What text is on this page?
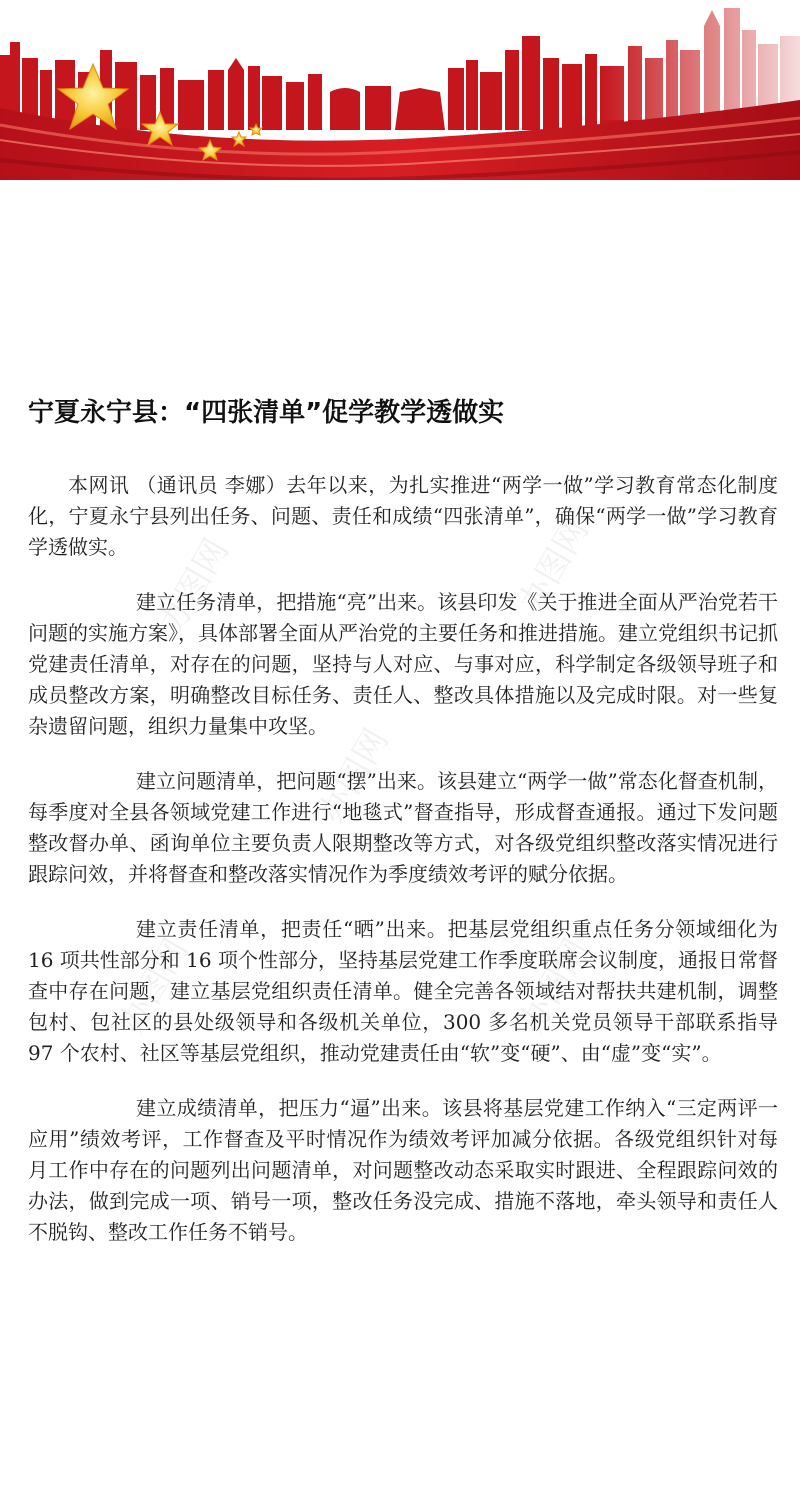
办图网	办图网
办图网
办图网	办图网
宁夏永宁县：“四张清单”促学教学透做实

本网讯 （通讯员 李娜）去年以来，为扎实推进“两学一做”学习教育常态化制度化，宁夏永宁县列出任务、问题、责任和成绩“四张清单”，确保“两学一做”学习教育学透做实。

建立任务清单，把措施“亮”出来。该县印发《关于推进全面从严治党若干问题的实施方案》，具体部署全面从严治党的主要任务和推进措施。建立党组织书记抓党建责任清单，对存在的问题，坚持与人对应、与事对应，科学制定各级领导班子和成员整改方案，明确整改目标任务、责任人、整改具体措施以及完成时限。对一些复杂遗留问题，组织力量集中攻坚。

建立问题清单，把问题“摆”出来。该县建立“两学一做”常态化督查机制，每季度对全县各领域党建工作进行“地毯式”督查指导，形成督查通报。通过下发问题整改督办单、函询单位主要负责人限期整改等方式，对各级党组织整改落实情况进行跟踪问效，并将督查和整改落实情况作为季度绩效考评的赋分依据。

建立责任清单，把责任“晒”出来。把基层党组织重点任务分领域细化为 16 项共性部分和 16 项个性部分，坚持基层党建工作季度联席会议制度，通报日常督查中存在问题，建立基层党组织责任清单。健全完善各领域结对帮扶共建机制，调整包村、包社区的县处级领导和各级机关单位，300 多名机关党员领导干部联系指导 97 个农村、社区等基层党组织，推动党建责任由“软”变“硬”、由“虚”变“实”。

建立成绩清单，把压力“逼”出来。该县将基层党建工作纳入“三定两评一应用”绩效考评，工作督查及平时情况作为绩效考评加减分依据。各级党组织针对每月工作中存在的问题列出问题清单，对问题整改动态采取实时跟进、全程跟踪问效的办法，做到完成一项、销号一项，整改任务没完成、措施不落地，牵头领导和责任人不脱钩、整改工作任务不销号。
